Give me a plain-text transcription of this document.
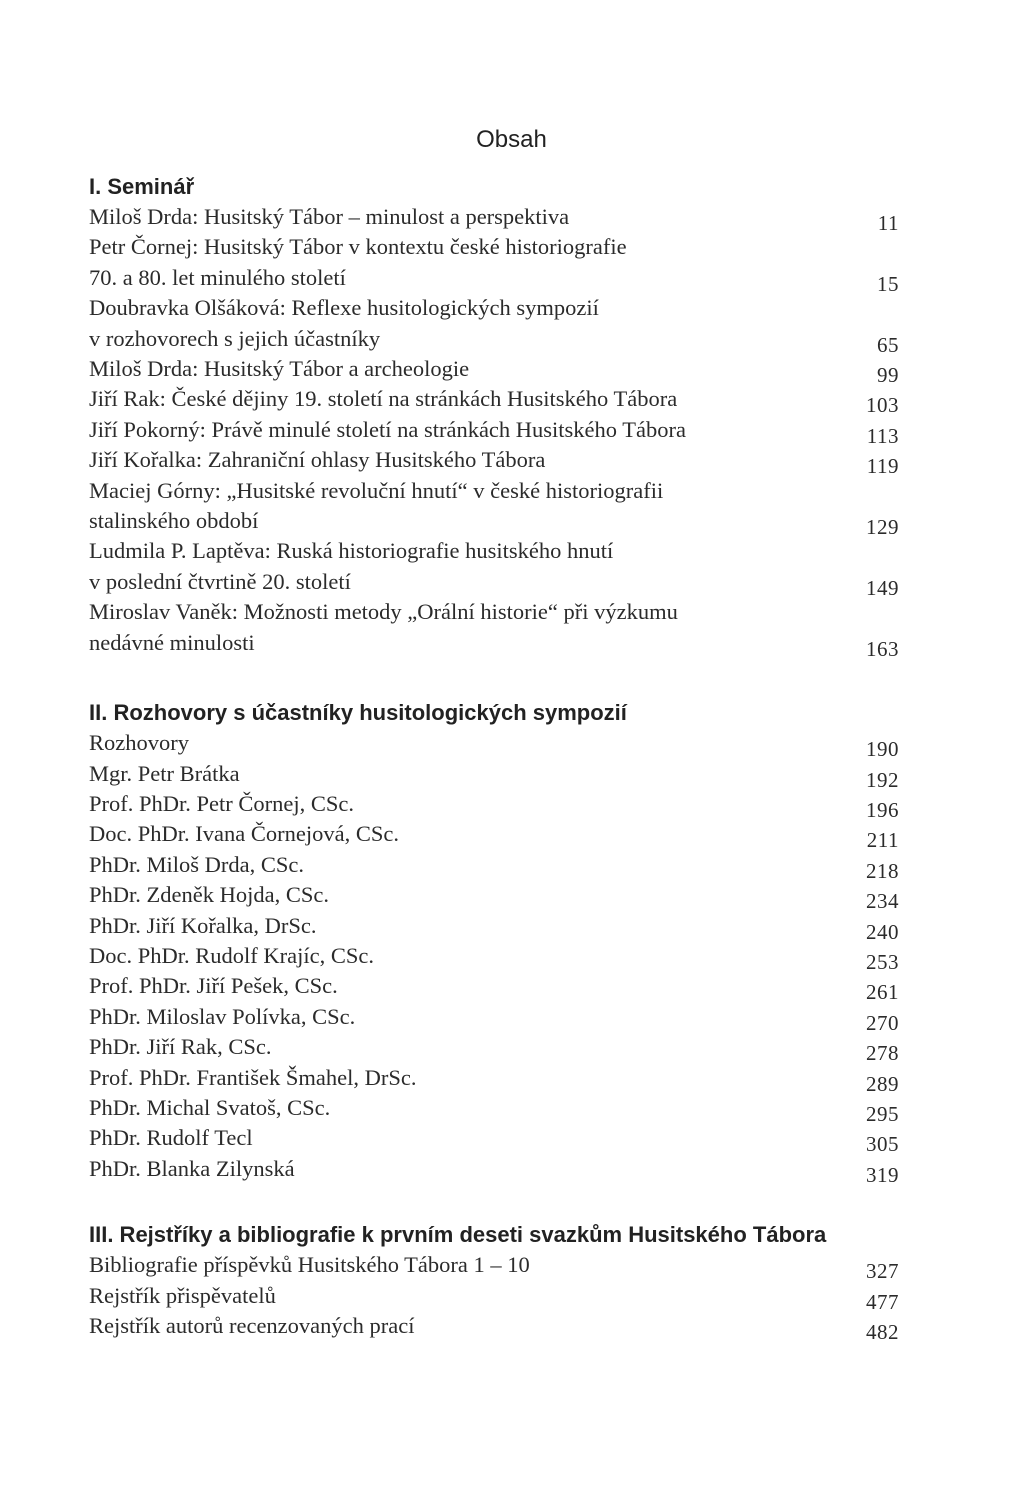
Obsah
I. Seminář
Miloš Drda: Husitský Tábor – minulost a perspektiva	11
Petr Čornej: Husitský Tábor v kontextu české historiografie
70. a 80. let minulého století	15
Doubravka Olšáková: Reflexe husitologických sympozií
v rozhovorech s jejich účastníky	65
Miloš Drda: Husitský Tábor a archeologie	99
Jiří Rak: České dějiny 19. století na stránkách Husitského Tábora	103
Jiří Pokorný: Právě minulé století na stránkách Husitského Tábora	113
Jiří Kořalka: Zahraniční ohlasy Husitského Tábora	119
Maciej Górny: „Husitské revoluční hnutí“ v české historiografii
stalinského období	129
Ludmila P. Laptěva: Ruská historiografie husitského hnutí
v poslední čtvrtině 20. století	149
Miroslav Vaněk: Možnosti metody „Orální historie“ při výzkumu
nedávné minulosti	163
II. Rozhovory s účastníky husitologických sympozií
Rozhovory	190
Mgr. Petr Brátka	192
Prof. PhDr. Petr Čornej, CSc.	196
Doc. PhDr. Ivana Čornejová, CSc.	211
PhDr. Miloš Drda, CSc.	218
PhDr. Zdeněk Hojda, CSc.	234
PhDr. Jiří Kořalka, DrSc.	240
Doc. PhDr. Rudolf Krajíc, CSc.	253
Prof. PhDr. Jiří Pešek, CSc.	261
PhDr. Miloslav Polívka, CSc.	270
PhDr. Jiří Rak, CSc.	278
Prof. PhDr. František Šmahel, DrSc.	289
PhDr. Michal Svatoš, CSc.	295
PhDr. Rudolf Tecl	305
PhDr. Blanka Zilynská	319
III. Rejstříky a bibliografie k prvním deseti svazkům Husitského Tábora
Bibliografie příspěvků Husitského Tábora 1 – 10	327
Rejstřík přispěvatelů	477
Rejstřík autorů recenzovaných prací	482
